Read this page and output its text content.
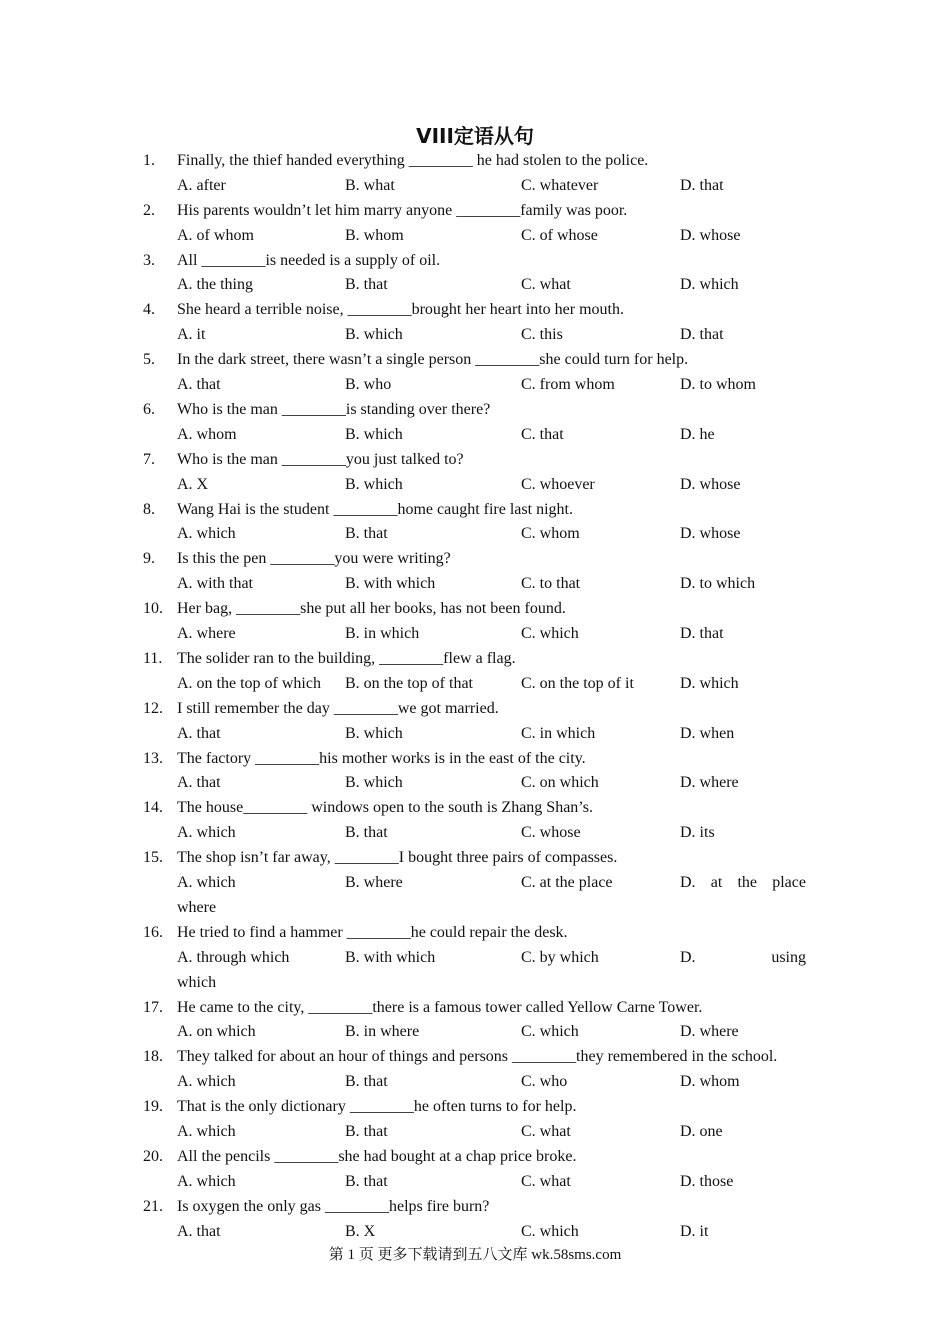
VIII定语从句
1. Finally, the thief handed everything ________ he had stolen to the police.
A. after	B. what	C. whatever	D. that
2. His parents wouldn’t let him marry anyone ________family was poor.
A. of whom	B. whom	C. of whose	D. whose
3. All ________is needed is a supply of oil.
A. the thing	B. that	C. what	D. which
4. She heard a terrible noise, ________brought her heart into her mouth.
A. it	B. which	C. this	D. that
5. In the dark street, there wasn’t a single person ________she could turn for help.
A. that	B. who	C. from whom	D. to whom
6. Who is the man ________is standing over there?
A. whom	B. which	C. that	D. he
7. Who is the man ________you just talked to?
A. X	B. which	C. whoever	D. whose
8. Wang Hai is the student ________home caught fire last night.
A. which	B. that	C. whom	D. whose
9. Is this the pen ________you were writing?
A. with that	B. with which	C. to that	D. to which
10. Her bag, ________she put all her books, has not been found.
A. where	B. in which	C. which	D. that
11. The solider ran to the building, ________flew a flag.
A. on the top of which B. on the top of that	C. on the top of it	D. which
12. I still remember the day ________we got married.
A. that	B. which	C. in which	D. when
13. The factory ________his mother works is in the east of the city.
A. that	B. which	C. on which	D. where
14. The house________ windows open to the south is Zhang Shan’s.
A. which	B. that	C. whose	D. its
15. The shop isn’t far away, ________I bought three pairs of compasses.
A. which	B. where	C. at the place	D. at the place
where
16. He tried to find a hammer ________he could repair the desk.
A. through which	B. with which	C. by which	D.	using
which
17. He came to the city, ________there is a famous tower called Yellow Carne Tower.
A. on which	B. in where	C. which	D. where
18. They talked for about an hour of things and persons ________they remembered in the school.
A. which	B. that	C. who	D. whom
19. That is the only dictionary ________he often turns to for help.
A. which	B. that	C. what	D. one
20. All the pencils ________she had bought at a chap price broke.
A. which	B. that	C. what	D. those
21. Is oxygen the only gas ________helps fire burn?
A. that	B. X	C. which	D. it
第 1 页 更多下载请到五八文库 wk.58sms.com
